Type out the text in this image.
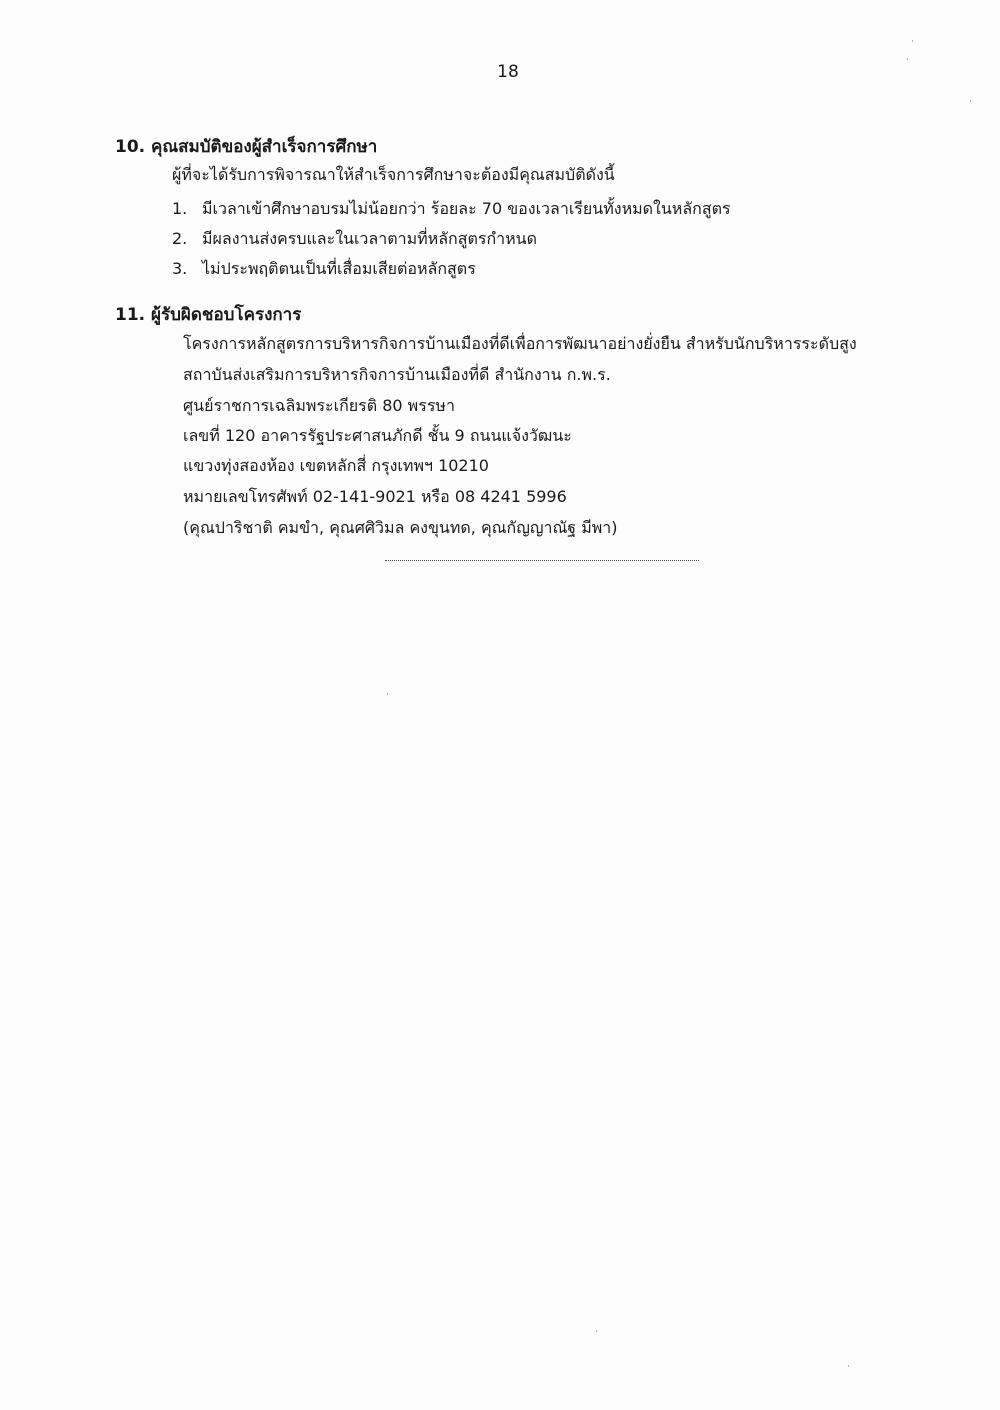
18
10. คุณสมบัติของผู้สำเร็จการศึกษา
ผู้ที่จะได้รับการพิจารณาให้สำเร็จการศึกษาจะต้องมีคุณสมบัติดังนี้
1. มีเวลาเข้าศึกษาอบรมไม่น้อยกว่า ร้อยละ 70 ของเวลาเรียนทั้งหมดในหลักสูตร
2. มีผลงานส่งครบและในเวลาตามที่หลักสูตรกำหนด
3. ไม่ประพฤติตนเป็นที่เสื่อมเสียต่อหลักสูตร
11. ผู้รับผิดชอบโครงการ
โครงการหลักสูตรการบริหารกิจการบ้านเมืองที่ดีเพื่อการพัฒนาอย่างยั่งยืน สำหรับนักบริหารระดับสูง
สถาบันส่งเสริมการบริหารกิจการบ้านเมืองที่ดี สำนักงาน ก.พ.ร.
ศูนย์ราชการเฉลิมพระเกียรติ 80 พรรษา
เลขที่ 120 อาคารรัฐประศาสนภักดี ชั้น 9 ถนนแจ้งวัฒนะ
แขวงทุ่งสองห้อง เขตหลักสี่ กรุงเทพฯ 10210
หมายเลขโทรศัพท์ 02-141-9021 หรือ 08 4241 5996
(คุณปาริชาติ คมขำ, คุณศศิวิมล คงขุนทด, คุณกัญญาณัฐ มีพา)
